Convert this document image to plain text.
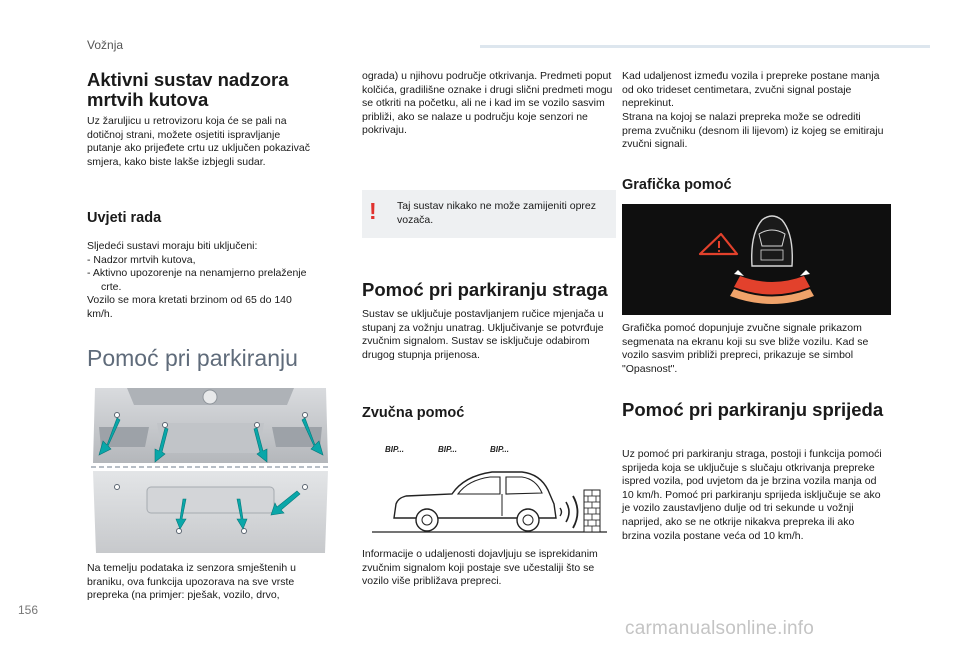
Vožnja
Aktivni sustav nadzora mrtvih kutova

Uz žaruljicu u retrovizoru koja će se pali na dotičnoj strani, možete osjetiti ispravljanje putanje ako prijeđete crtu uz uključen pokazivač smjera, kako biste lakše izbjegli sudar.

Uvjeti rada

Sljedeći sustavi moraju biti uključeni:

- Nadzor mrtvih kutova,

- Aktivno upozorenje na nenamjerno prelaženje crte.

Vozilo se mora kretati brzinom od 65 do 140 km/h.

Pomoć pri parkiranju

Na temelju podataka iz senzora smještenih u braniku, ova funkcija upozorava na sve vrste prepreka (na primjer: pješak, vozilo, drvo,

ograda) u njihovu područje otkrivanja. Predmeti poput kolčića, gradilišne oznake i drugi slični predmeti mogu se otkriti na početku, ali ne i kad im se vozilo sasvim približi, ako se nalaze u području koje senzori ne pokrivaju.

! Taj sustav nikako ne može zamijeniti oprez vozača.
Pomoć pri parkiranju straga

Sustav se uključuje postavljanjem ručice mjenjača u stupanj za vožnju unatrag. Uključivanje se potvrđuje zvučnim signalom. Sustav se isključuje odabirom drugog stupnja prijenosa.

Zvučna pomoć
BIP...	BIP...	BIP...

Informacije o udaljenosti dojavljuju se isprekidanim zvučnim signalom koji postaje sve učestaliji što se vozilo više približava prepreci.

Kad udaljenost između vozila i prepreke postane manja od oko trideset centimetara, zvučni signal postaje neprekinut.

Strana na kojoj se nalazi prepreka može se odrediti prema zvučniku (desnom ili lijevom) iz kojeg se emitiraju zvučni signali.

Grafička pomoć

Grafička pomoć dopunjuje zvučne signale prikazom segmenata na ekranu koji su sve bliže vozilu. Kad se vozilo sasvim približi prepreci, prikazuje se simbol "Opasnost".

Pomoć pri parkiranju sprijeda

Uz pomoć pri parkiranju straga, postoji i funkcija pomoći sprijeda koja se uključuje s slučaju otkrivanja prepreke ispred vozila, pod uvjetom da je brzina vozila manja od 10 km/h. Pomoć pri parkiranju sprijeda isključuje se ako je vozilo zaustavljeno dulje od tri sekunde u vožnji naprijed, ako se ne otkrije nikakva prepreka ili ako brzina vozila postane veća od 10 km/h.

156
carmanualsonline.info
